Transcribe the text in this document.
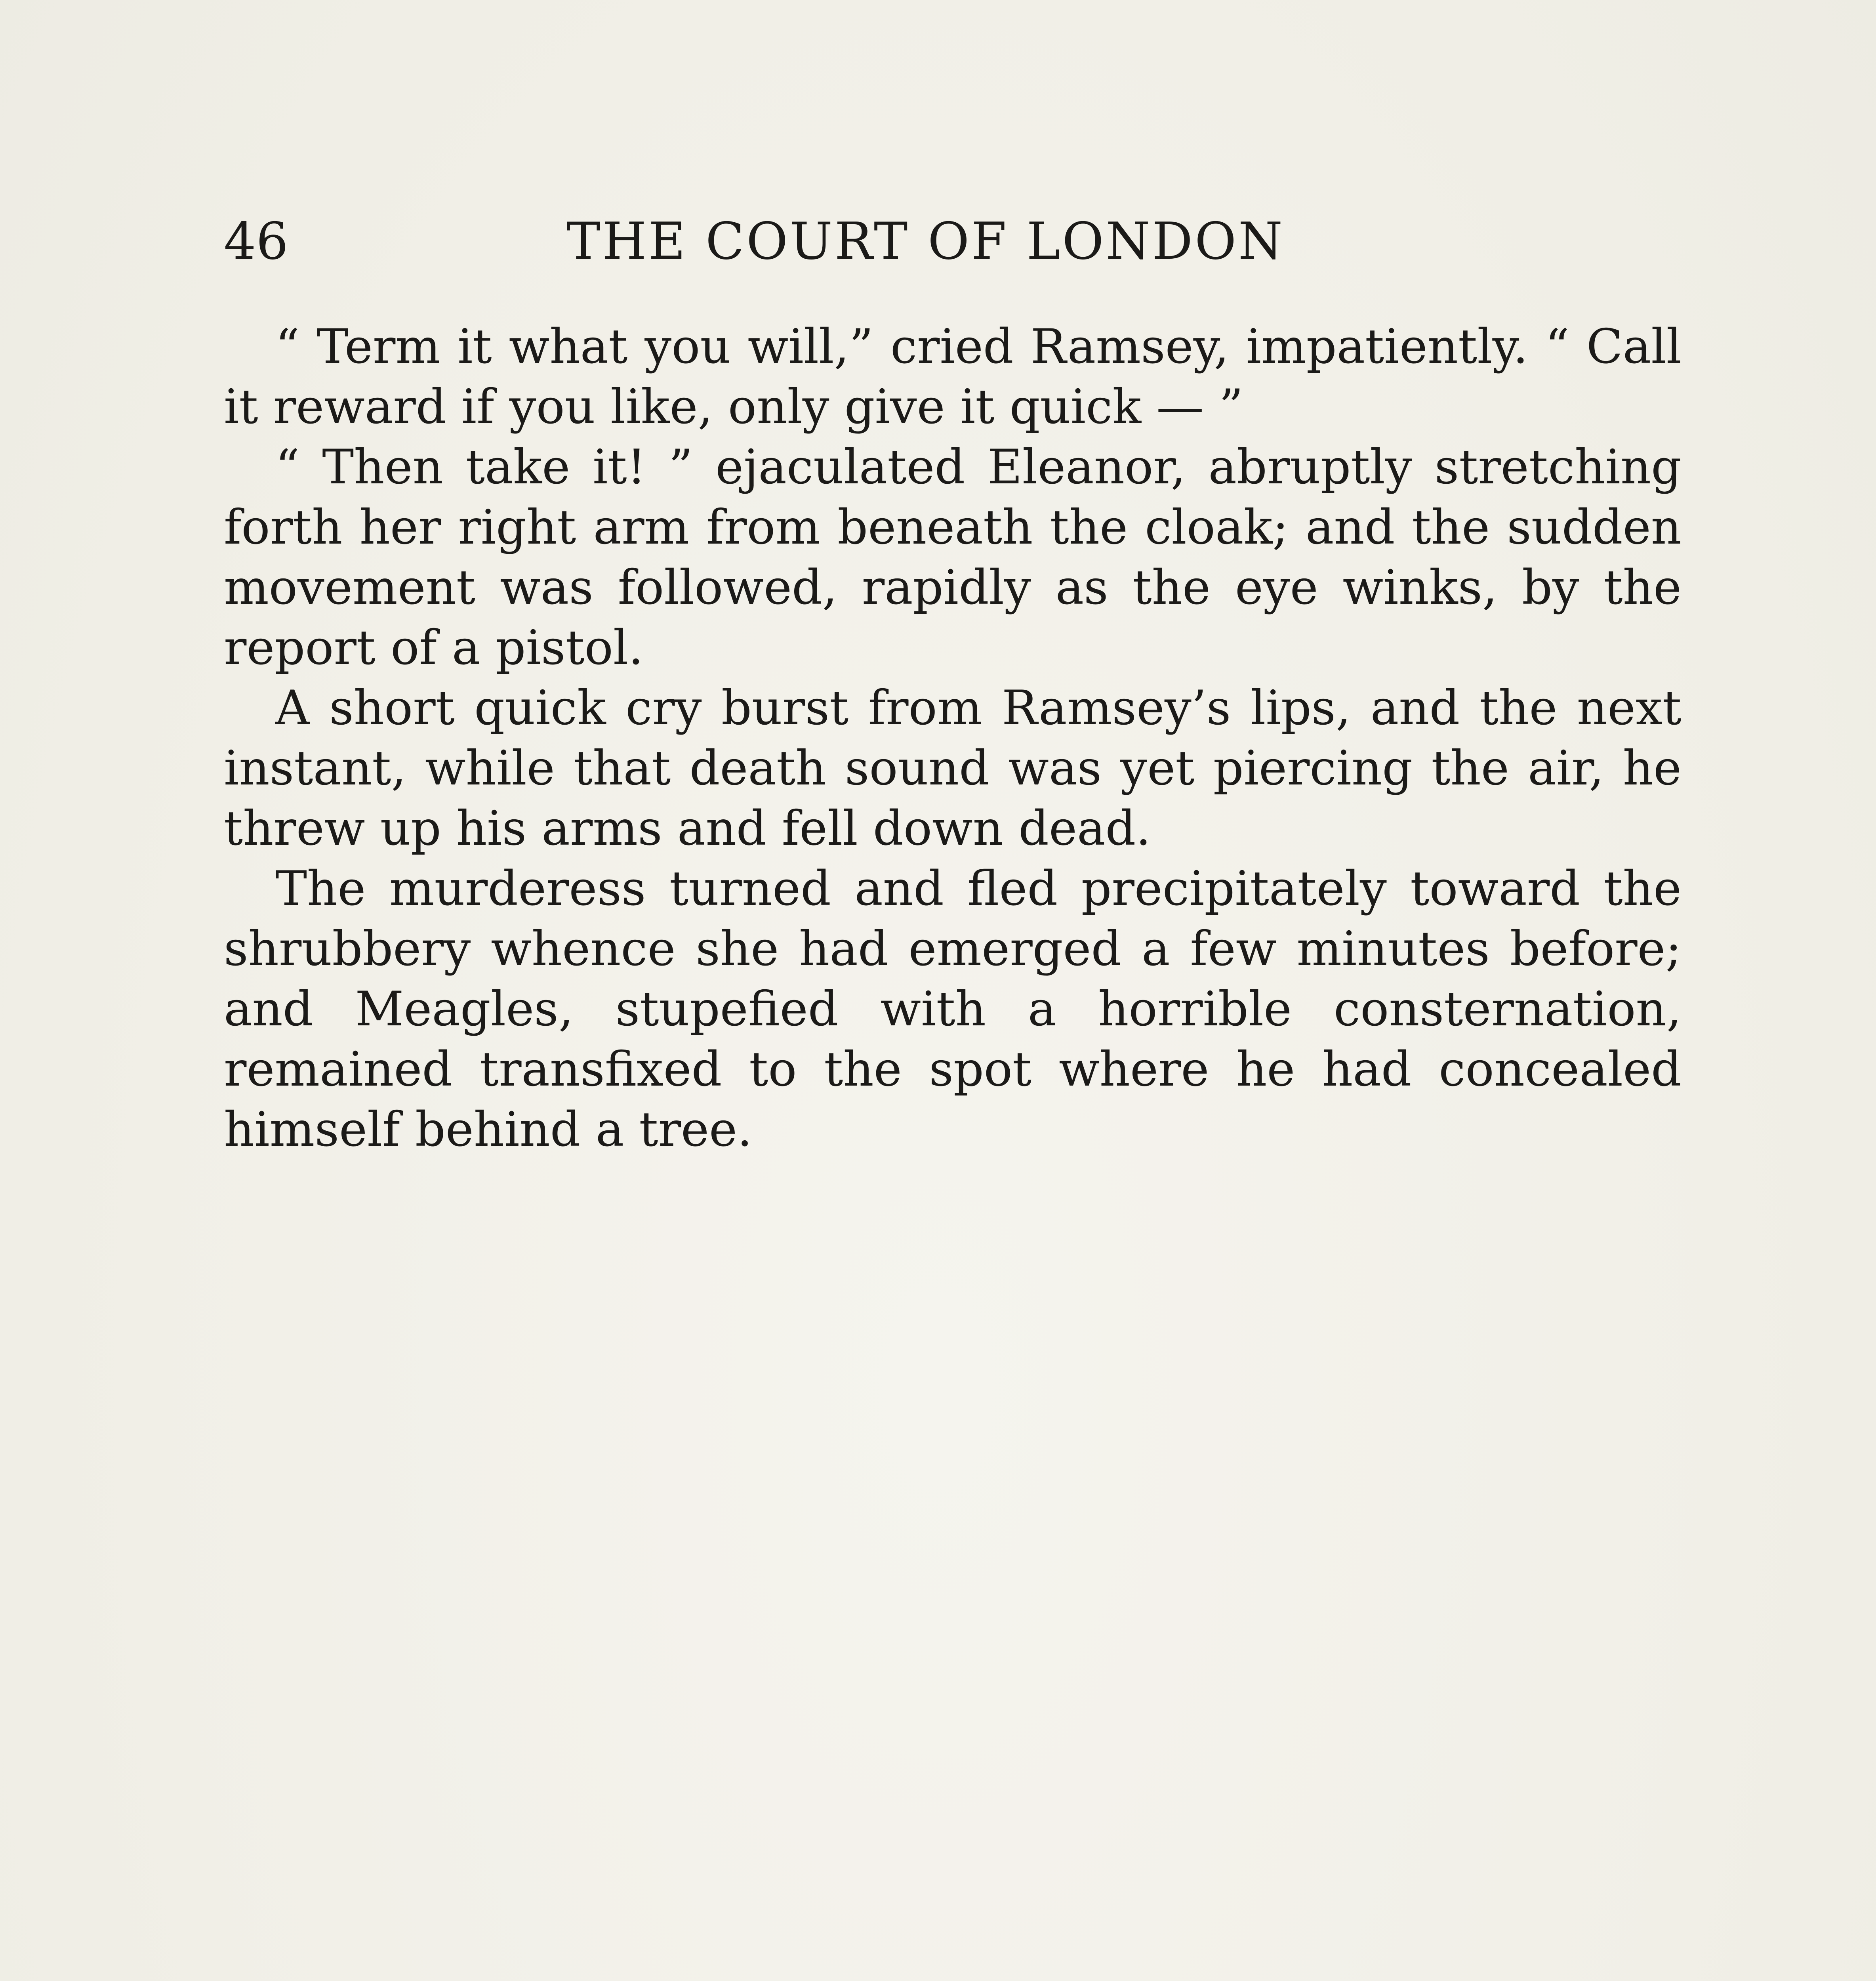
46	THE COURT OF LONDON

“ Term it what you will,” cried Ramsey, impatiently. “ Call it reward if you like, only give it quick — ”

“ Then take it! ” ejaculated Eleanor, abruptly stretching forth her right arm from beneath the cloak; and the sudden movement was followed, rapidly as the eye winks, by the report of a pistol.

A short quick cry burst from Ramsey’s lips, and the next instant, while that death sound was yet piercing the air, he threw up his arms and fell down dead.

The murderess turned and fled precipitately toward the shrubbery whence she had emerged a few minutes before; and Meagles, stupefied with a horrible consternation, remained transfixed to the spot where he had concealed himself behind a tree.
